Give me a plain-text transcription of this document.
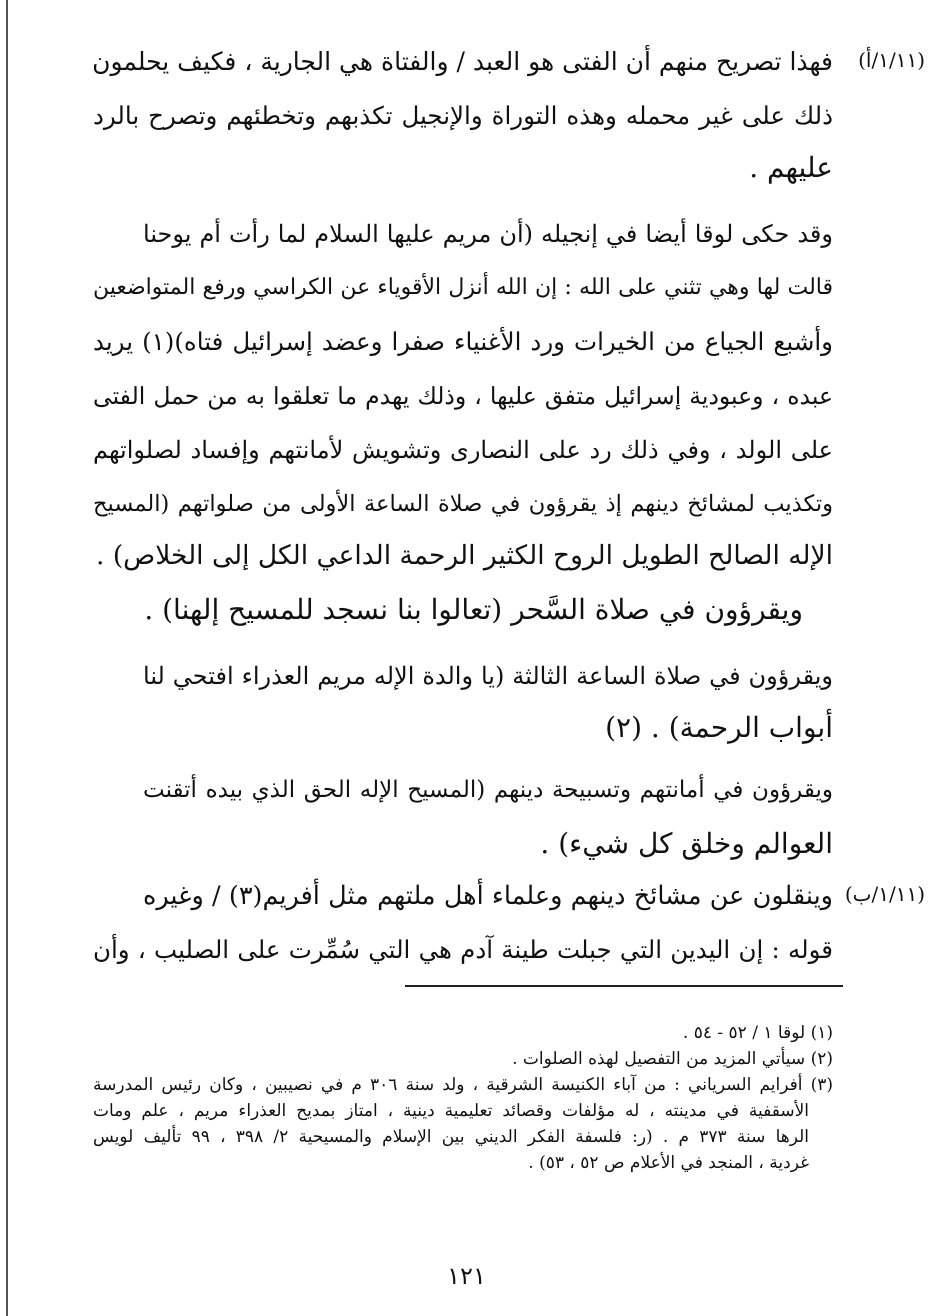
(١/١١/أ)
(١/١١/ب)
فهذا تصريح منهم أن الفتى هو العبد / والفتاة هي الجارية ، فكيف يحلمون
ذلك على غير محمله وهذه التوراة والإنجيل تكذبهم وتخطئهم وتصرح بالرد
عليهم .
وقد حكى لوقا أيضا في إنجيله (أن مريم عليها السلام لما رأت أم يوحنا
قالت لها وهي تثني على الله : إن الله أنزل الأقوياء عن الكراسي ورفع المتواضعين
وأشبع الجياع من الخيرات ورد الأغنياء صفرا وعضد إسرائيل فتاه)(١) يريد
عبده ، وعبودية إسرائيل متفق عليها ، وذلك يهدم ما تعلقوا به من حمل الفتى
على الولد ، وفي ذلك رد على النصارى وتشويش لأمانتهم وإفساد لصلواتهم
وتكذيب لمشائخ دينهم إذ يقرؤون في صلاة الساعة الأولى من صلواتهم (المسيح
الإله الصالح الطويل الروح الكثير الرحمة الداعي الكل إلى الخلاص) .
ويقرؤون في صلاة السَّحر (تعالوا بنا نسجد للمسيح إلهنا) .
ويقرؤون في صلاة الساعة الثالثة (يا والدة الإله مريم العذراء افتحي لنا
أبواب الرحمة) . (٢)
ويقرؤون في أمانتهم وتسبيحة دينهم (المسيح الإله الحق الذي بيده أتقنت
العوالم وخلق كل شيء) .
وينقلون عن مشائخ دينهم وعلماء أهل ملتهم مثل أفريم(٣) / وغيره
قوله : إن اليدين التي جبلت طينة آدم هي التي سُمِّرت على الصليب ، وأن
(١) لوقا ١ / ٥٢ - ٥٤ .
(٢) سيأتي المزيد من التفصيل لهذه الصلوات .
(٣) أفرايم السرياني : من آباء الكنيسة الشرقية ، ولد سنة ٣٠٦ م في نصيبين ، وكان رئيس المدرسة
الأسقفية في مدينته ، له مؤلفات وقصائد تعليمية دينية ، امتاز بمديح العذراء مريم ، علم ومات
الرها سنة ٣٧٣ م . (ر: فلسفة الفكر الديني بين الإسلام والمسيحية ٢/ ٣٩٨ ، ٩٩ تأليف لويس
غردية ، المنجد في الأعلام ص ٥٢ ، ٥٣) .
١٢١
